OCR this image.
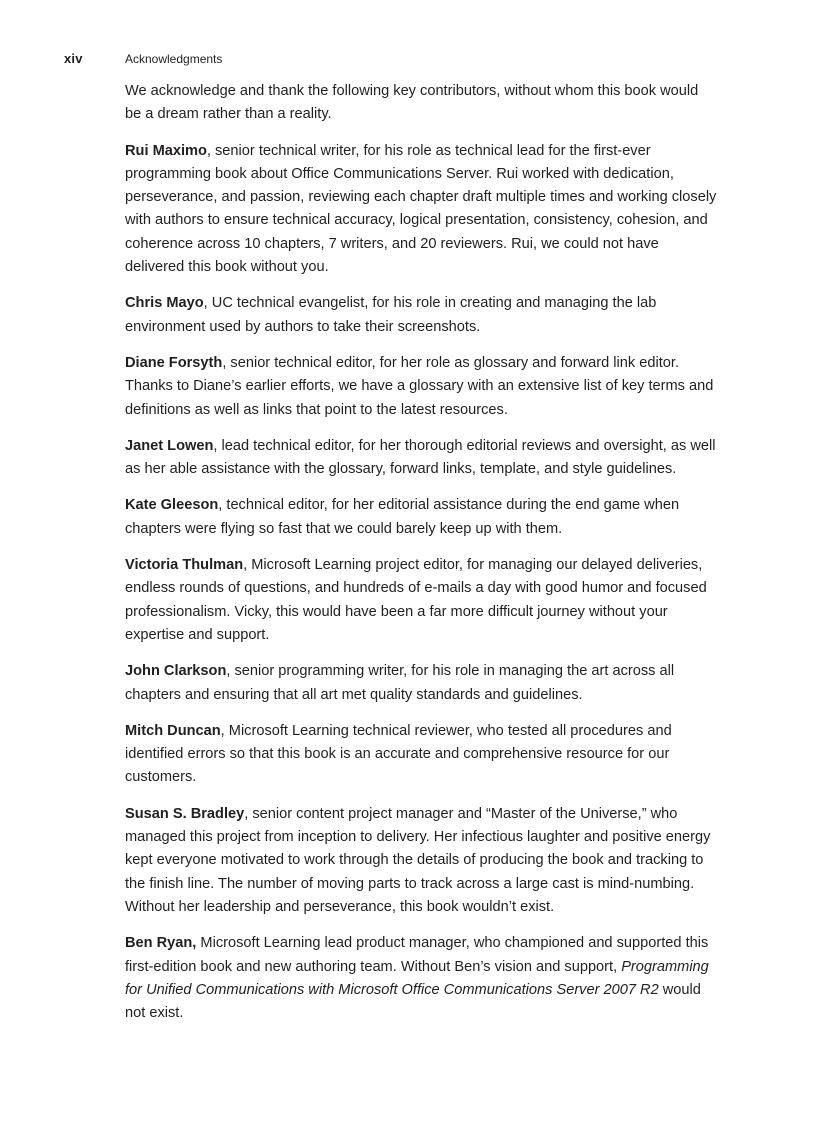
xiv	Acknowledgments

We acknowledge and thank the following key contributors, without whom this book would be a dream rather than a reality.

Rui Maximo, senior technical writer, for his role as technical lead for the first-ever programming book about Office Communications Server. Rui worked with dedication, perseverance, and passion, reviewing each chapter draft multiple times and working closely with authors to ensure technical accuracy, logical presentation, consistency, cohesion, and coherence across 10 chapters, 7 writers, and 20 reviewers. Rui, we could not have delivered this book without you.

Chris Mayo, UC technical evangelist, for his role in creating and managing the lab environment used by authors to take their screenshots.

Diane Forsyth, senior technical editor, for her role as glossary and forward link editor. Thanks to Diane’s earlier efforts, we have a glossary with an extensive list of key terms and definitions as well as links that point to the latest resources.

Janet Lowen, lead technical editor, for her thorough editorial reviews and oversight, as well as her able assistance with the glossary, forward links, template, and style guidelines.

Kate Gleeson, technical editor, for her editorial assistance during the end game when chapters were flying so fast that we could barely keep up with them.

Victoria Thulman, Microsoft Learning project editor, for managing our delayed deliveries, endless rounds of questions, and hundreds of e-mails a day with good humor and focused professionalism. Vicky, this would have been a far more difficult journey without your expertise and support.

John Clarkson, senior programming writer, for his role in managing the art across all chapters and ensuring that all art met quality standards and guidelines.

Mitch Duncan, Microsoft Learning technical reviewer, who tested all procedures and identified errors so that this book is an accurate and comprehensive resource for our customers.

Susan S. Bradley, senior content project manager and “Master of the Universe,” who managed this project from inception to delivery. Her infectious laughter and positive energy kept everyone motivated to work through the details of producing the book and tracking to the finish line. The number of moving parts to track across a large cast is mind-numbing. Without her leadership and perseverance, this book wouldn’t exist.

Ben Ryan, Microsoft Learning lead product manager, who championed and supported this first-edition book and new authoring team. Without Ben’s vision and support, Programming for Unified Communications with Microsoft Office Communications Server 2007 R2 would not exist.
